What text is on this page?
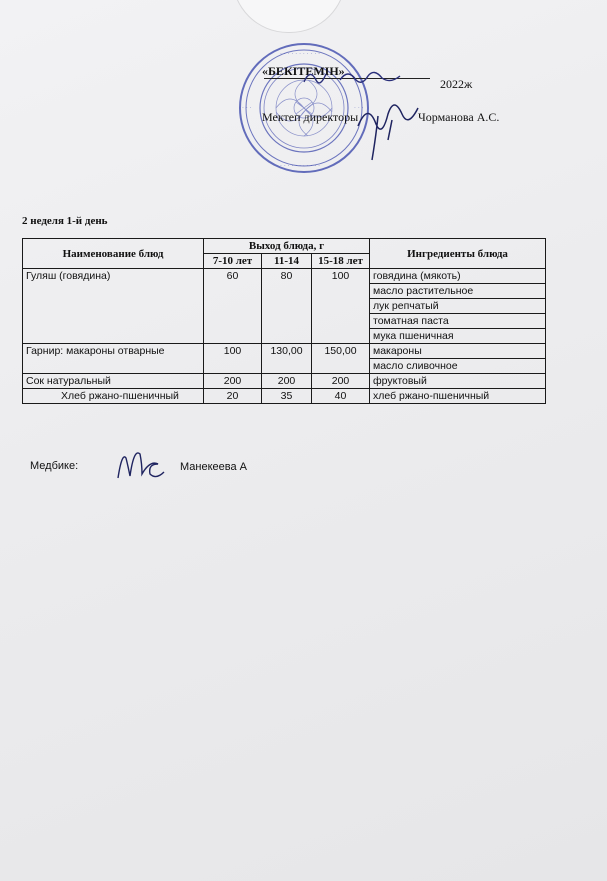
· · · · · · · · · · ·
· · ·	· · ·
· · · · · · · · · · ·
«БЕКІТЕМІН»
2022ж
Мектеп директоры	Чорманова А.С.
2 неделя 1-й день
Наименование блюд	Выход блюда, г			Ингредиенты блюда
	7-10 лет	11-14	15-18 лет	
Гуляш (говядина)	60	80	100	говядина (мякоть)
				масло растительное
				лук репчатый
				томатная паста
				мука пшеничная
Гарнир: макароны отварные	100	130,00	150,00	макароны
				масло сливочное
Сок натуральный	200	200	200	фруктовый
Хлеб ржано-пшеничный	20	35	40	хлеб ржано-пшеничный
Медбике:	Манекеева А
